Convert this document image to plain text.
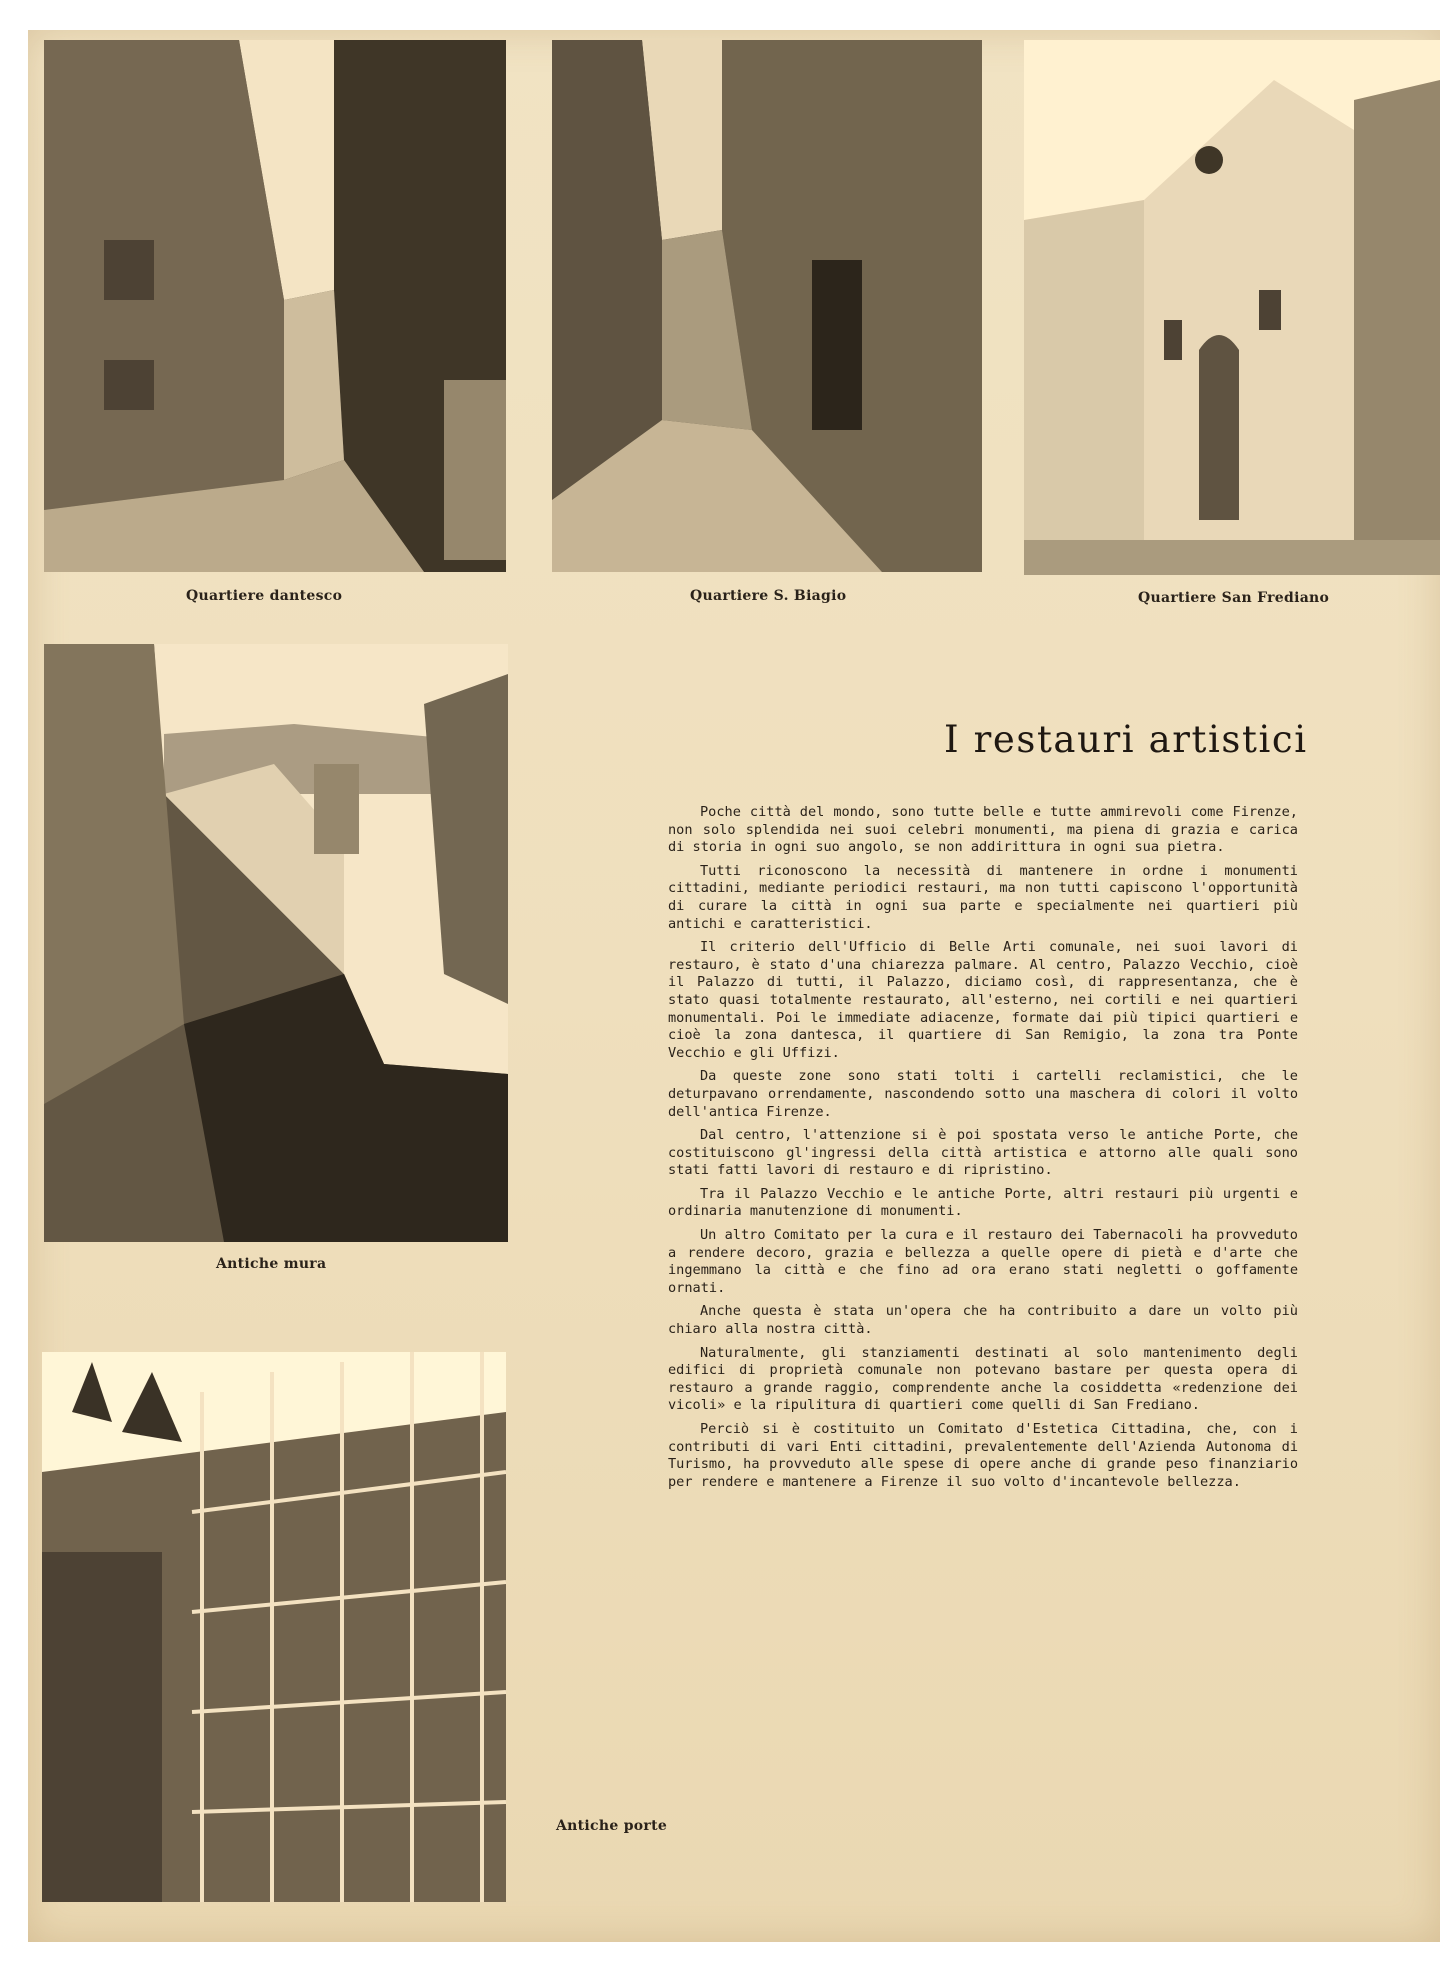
Quartiere dantesco	Quartiere S. Biagio	Quartiere San Frediano
Antiche mura
Antiche porte
I restauri artistici

Poche città del mondo, sono tutte belle e tutte ammirevoli come Firenze, non solo splendida nei suoi celebri monumenti, ma piena di grazia e carica di storia in ogni suo angolo, se non addirittura in ogni sua pietra.

Tutti riconoscono la necessità di mantenere in ordne i monumenti cittadini, mediante periodici restauri, ma non tutti capiscono l'opportunità di curare la città in ogni sua parte e specialmente nei quartieri più antichi e caratteristici.

Il criterio dell'Ufficio di Belle Arti comunale, nei suoi lavori di restauro, è stato d'una chiarezza palmare. Al centro, Palazzo Vecchio, cioè il Palazzo di tutti, il Palazzo, diciamo così, di rappresentanza, che è stato quasi totalmente restaurato, all'esterno, nei cortili e nei quartieri monumentali. Poi le immediate adiacenze, formate dai più tipici quartieri e cioè la zona dantesca, il quartiere di San Remigio, la zona tra Ponte Vecchio e gli Uffizi.

Da queste zone sono stati tolti i cartelli reclamistici, che le deturpavano orrendamente, nascondendo sotto una maschera di colori il volto dell'antica Firenze.

Dal centro, l'attenzione si è poi spostata verso le antiche Porte, che costituiscono gl'ingressi della città artistica e attorno alle quali sono stati fatti lavori di restauro e di ripristino.

Tra il Palazzo Vecchio e le antiche Porte, altri restauri più urgenti e ordinaria manutenzione di monumenti.

Un altro Comitato per la cura e il restauro dei Tabernacoli ha provveduto a rendere decoro, grazia e bellezza a quelle opere di pietà e d'arte che ingemmano la città e che fino ad ora erano stati negletti o goffamente ornati.

Anche questa è stata un'opera che ha contribuito a dare un volto più chiaro alla nostra città.

Naturalmente, gli stanziamenti destinati al solo mantenimento degli edifici di proprietà comunale non potevano bastare per questa opera di restauro a grande raggio, comprendente anche la cosiddetta «redenzione dei vicoli» e la ripulitura di quartieri come quelli di San Frediano.

Perciò si è costituito un Comitato d'Estetica Cittadina, che, con i contributi di vari Enti cittadini, prevalentemente dell'Azienda Autonoma di Turismo, ha provveduto alle spese di opere anche di grande peso finanziario per rendere e mantenere a Firenze il suo volto d'incantevole bellezza.
